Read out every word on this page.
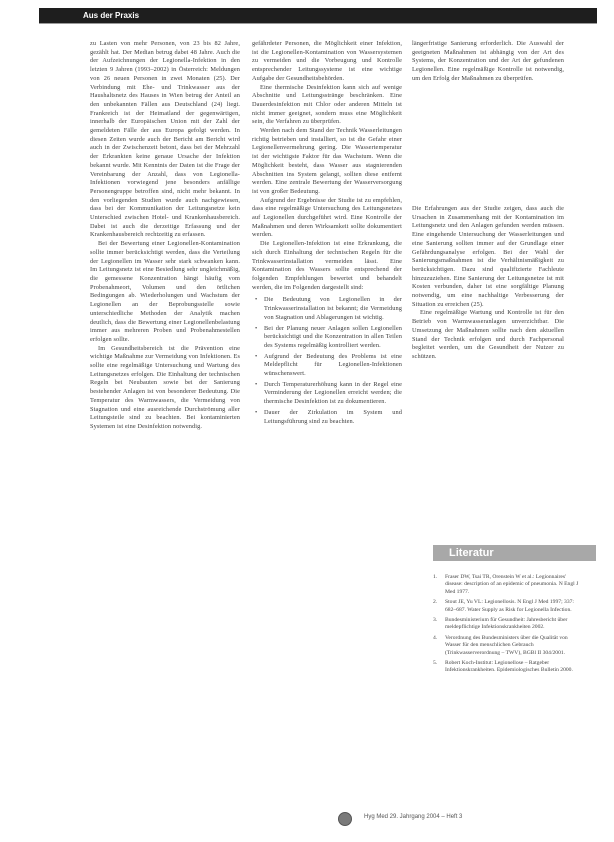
Aus der Praxis

zu Lasten von mehr Personen, von 23 bis 82 Jahre, gezählt hat. Der Median betrug dabei 48 Jahre. Auch die der Aufzeichnungen der Legionella-Infektion in den letzten 9 Jahren (1993–2002) in Österreich: Meldungen von 26 neuen Personen in zwei Monaten (25). Der Verbindung mit Ehe- und Trinkwasser aus der Haushaltsnetz des Hauses in Wien betrug der Anteil an den unbekannten Fällen aus Deutschland (24) liegt. Frankreich ist der Heimatland der gegenwärtigen, innerhalb der Europäischen Union mit der Zahl der gemeldeten Fälle der aus Europa gefolgt werden. In diesen Zeiten wurde auch der Bericht am Bericht wird auch in der Zwischenzeit betont, dass bei der Mehrzahl der Erkrankten keine genaue Ursache der Infektion bekannt wurde. Mit Kenntnis der Daten ist die Frage der Vereinbarung der Anzahl, dass von Legionella-Infektionen vorwiegend jene besonders anfällige Personengruppe betroffen sind, nicht mehr bekannt. In den vorliegenden Studien wurde auch nachgewiesen, dass bei der Kommunikation der Leitungsnetze kein Unterschied zwischen Hotel- und Krankenhausbereich. Dabei ist auch die derzeitige Erfassung und der Krankenhausbereich rechtzeitig zu erfassen.

Bei der Bewertung einer Legionellen-Kontamination sollte immer berücksichtigt werden, dass die Verteilung der Legionellen im Wasser sehr stark schwanken kann. Im Leitungsnetz ist eine Besiedlung sehr ungleichmäßig, die gemessene Konzentration hängt häufig vom Probenahmeort, Volumen und den örtlichen Bedingungen ab. Wiederholungen und Wachstum der Legionellen an der Beprobungsstelle sowie unterschiedliche Methoden der Analytik machen deutlich, dass die Bewertung einer Legionellenbelastung immer aus mehreren Proben und Probenahmestellen erfolgen sollte.

Im Gesundheitsbereich ist die Prävention eine wichtige Maßnahme zur Vermeidung von Infektionen. Es sollte eine regelmäßige Untersuchung und Wartung des Leitungsnetzes erfolgen. Die Einhaltung der technischen Regeln bei Neubauten sowie bei der Sanierung bestehender Anlagen ist von besonderer Bedeutung. Die Temperatur des Warmwassers, die Vermeidung von Stagnation und eine ausreichende Durchströmung aller Leitungsteile sind zu beachten. Bei kontaminierten Systemen ist eine Desinfektion notwendig.

gefährdeter Personen, die Möglichkeit einer Infektion, ist die Legionellen-Kontamination von Wassersystemen zu vermeiden und die Vorbeugung und Kontrolle entsprechender Leitungssysteme ist eine wichtige Aufgabe der Gesundheitsbehörden.

Eine thermische Desinfektion kann sich auf wenige Abschnitte und Leitungsstränge beschränken. Eine Dauerdesinfektion mit Chlor oder anderen Mitteln ist nicht immer geeignet, sondern muss eine Möglichkeit sein, die Verfahren zu überprüfen.

Werden nach dem Stand der Technik Wasserleitungen richtig betrieben und installiert, so ist die Gefahr einer Legionellenvermehrung gering. Die Wassertemperatur ist der wichtigste Faktor für das Wachstum. Wenn die Möglichkeit besteht, dass Wasser aus stagnierenden Abschnitten ins System gelangt, sollten diese entfernt werden. Eine zentrale Bewertung der Wasserversorgung ist von großer Bedeutung.

Aufgrund der Ergebnisse der Studie ist zu empfehlen, dass eine regelmäßige Untersuchung des Leitungsnetzes auf Legionellen durchgeführt wird. Eine Kontrolle der Maßnahmen und deren Wirksamkeit sollte dokumentiert werden.

Die Legionellen-Infektion ist eine Erkrankung, die sich durch Einhaltung der technischen Regeln für die Trinkwasserinstallation vermeiden lässt. Eine Kontamination des Wassers sollte entsprechend der folgenden Empfehlungen bewertet und behandelt werden, die im Folgenden dargestellt sind:

• Die Bedeutung von Legionellen in der Trinkwasserinstallation ist bekannt; die Vermeidung von Stagnation und Ablagerungen ist wichtig.
• Bei der Planung neuer Anlagen sollen Legionellen berücksichtigt und die Konzentration in allen Teilen des Systems regelmäßig kontrolliert werden.
• Aufgrund der Bedeutung des Problems ist eine Meldepflicht für Legionellen-Infektionen wünschenswert.
• Durch Temperaturerhöhung kann in der Regel eine Verminderung der Legionellen erreicht werden; die thermische Desinfektion ist zu dokumentieren.
• Dauer der Zirkulation im System und Leitungsführung sind zu beachten.

längerfristige Sanierung erforderlich. Die Auswahl der geeigneten Maßnahmen ist abhängig von der Art des Systems, der Konzentration und der Art der gefundenen Legionellen. Eine regelmäßige Kontrolle ist notwendig, um den Erfolg der Maßnahmen zu überprüfen.

Die Erfahrungen aus der Studie zeigen, dass auch die Ursachen in Zusammenhang mit der Kontamination im Leitungsnetz und den Anlagen gefunden werden müssen. Eine eingehende Untersuchung der Wasserleitungen und eine Sanierung sollten immer auf der Grundlage einer Gefährdungsanalyse erfolgen. Bei der Wahl der Sanierungsmaßnahmen ist die Verhältnismäßigkeit zu berücksichtigen. Dazu sind qualifizierte Fachleute hinzuzuziehen. Eine Sanierung der Leitungsnetze ist mit Kosten verbunden, daher ist eine sorgfältige Planung notwendig, um eine nachhaltige Verbesserung der Situation zu erreichen (25).

Eine regelmäßige Wartung und Kontrolle ist für den Betrieb von Warmwasseranlagen unverzichtbar. Die Umsetzung der Maßnahmen sollte nach dem aktuellen Stand der Technik erfolgen und durch Fachpersonal begleitet werden, um die Gesundheit der Nutzer zu schützen.

Literatur
1. Fraser DW, Tsai TR, Orenstein W et al.: Legionnaires' disease: description of an epidemic of pneumonia. N Engl J Med 1977.
2. Stout JE, Yu VL: Legionellosis. N Engl J Med 1997; 337: 682–687. Water Supply as Risk for Legionella Infection.
3. Bundesministerium für Gesundheit: Jahresbericht über meldepflichtige Infektionskrankheiten 2002.
4. Verordnung des Bundesministers über die Qualität von Wasser für den menschlichen Gebrauch (Trinkwasserverordnung – TWV), BGBl II 304/2001.
5. Robert Koch-Institut: Legionellose – Ratgeber Infektionskrankheiten. Epidemiologisches Bulletin 2000.
Hyg Med 29. Jahrgang 2004 – Heft 3
